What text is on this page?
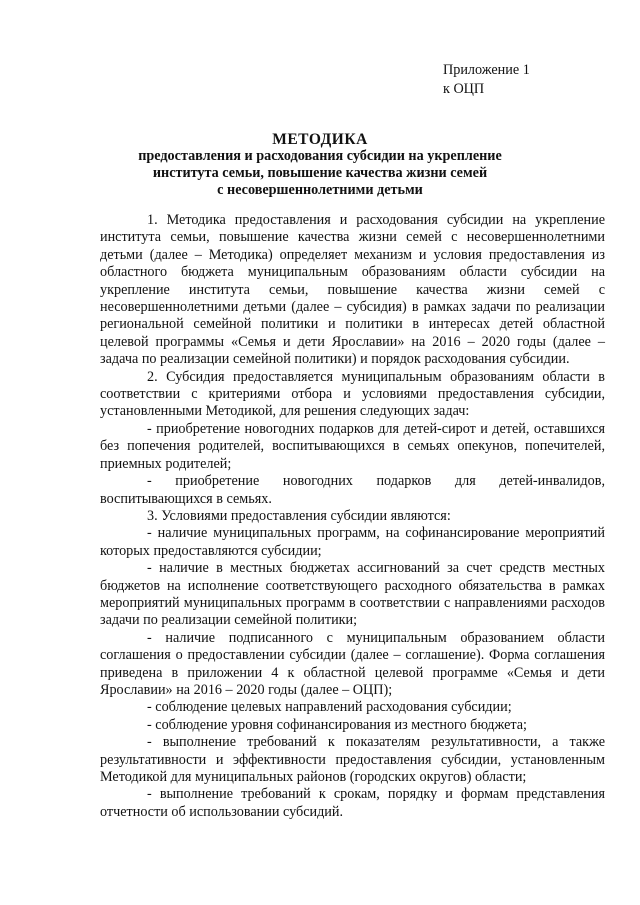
Приложение 1
к ОЦП
МЕТОДИКА
предоставления и расходования субсидии на укрепление
института семьи, повышение качества жизни семей
с несовершеннолетними детьми

1. Методика предоставления и расходования субсидии на укрепление института семьи, повышение качества жизни семей с несовершеннолетними детьми (далее – Методика) определяет механизм и условия предоставления из областного бюджета муниципальным образованиям области субсидии на укрепление института семьи, повышение качества жизни семей с несовершеннолетними детьми (далее – субсидия) в рамках задачи по реализации региональной семейной политики и политики в интересах детей областной целевой программы «Семья и дети Ярославии» на 2016 – 2020 годы (далее – задача по реализации семейной политики) и порядок расходования субсидии.

2. Субсидия предоставляется муниципальным образованиям области в соответствии с критериями отбора и условиями предоставления субсидии, установленными Методикой, для решения следующих задач:

- приобретение новогодних подарков для детей-сирот и детей, оставшихся без попечения родителей, воспитывающихся в семьях опекунов, попечителей, приемных родителей;

- приобретение новогодних подарков для детей-инвалидов, воспитывающихся в семьях.

3. Условиями предоставления субсидии являются:

- наличие муниципальных программ, на софинансирование мероприятий которых предоставляются субсидии;

- наличие в местных бюджетах ассигнований за счет средств местных бюджетов на исполнение соответствующего расходного обязательства в рамках мероприятий муниципальных программ в соответствии с направлениями расходов задачи по реализации семейной политики;

- наличие подписанного с муниципальным образованием области соглашения о предоставлении субсидии (далее – соглашение). Форма соглашения приведена в приложении 4 к областной целевой программе «Семья и дети Ярославии» на 2016 – 2020 годы (далее – ОЦП);

- соблюдение целевых направлений расходования субсидии;

- соблюдение уровня софинансирования из местного бюджета;

- выполнение требований к показателям результативности, а также результативности и эффективности предоставления субсидии, установленным Методикой для муниципальных районов (городских округов) области;

- выполнение требований к срокам, порядку и формам представления отчетности об использовании субсидий.
